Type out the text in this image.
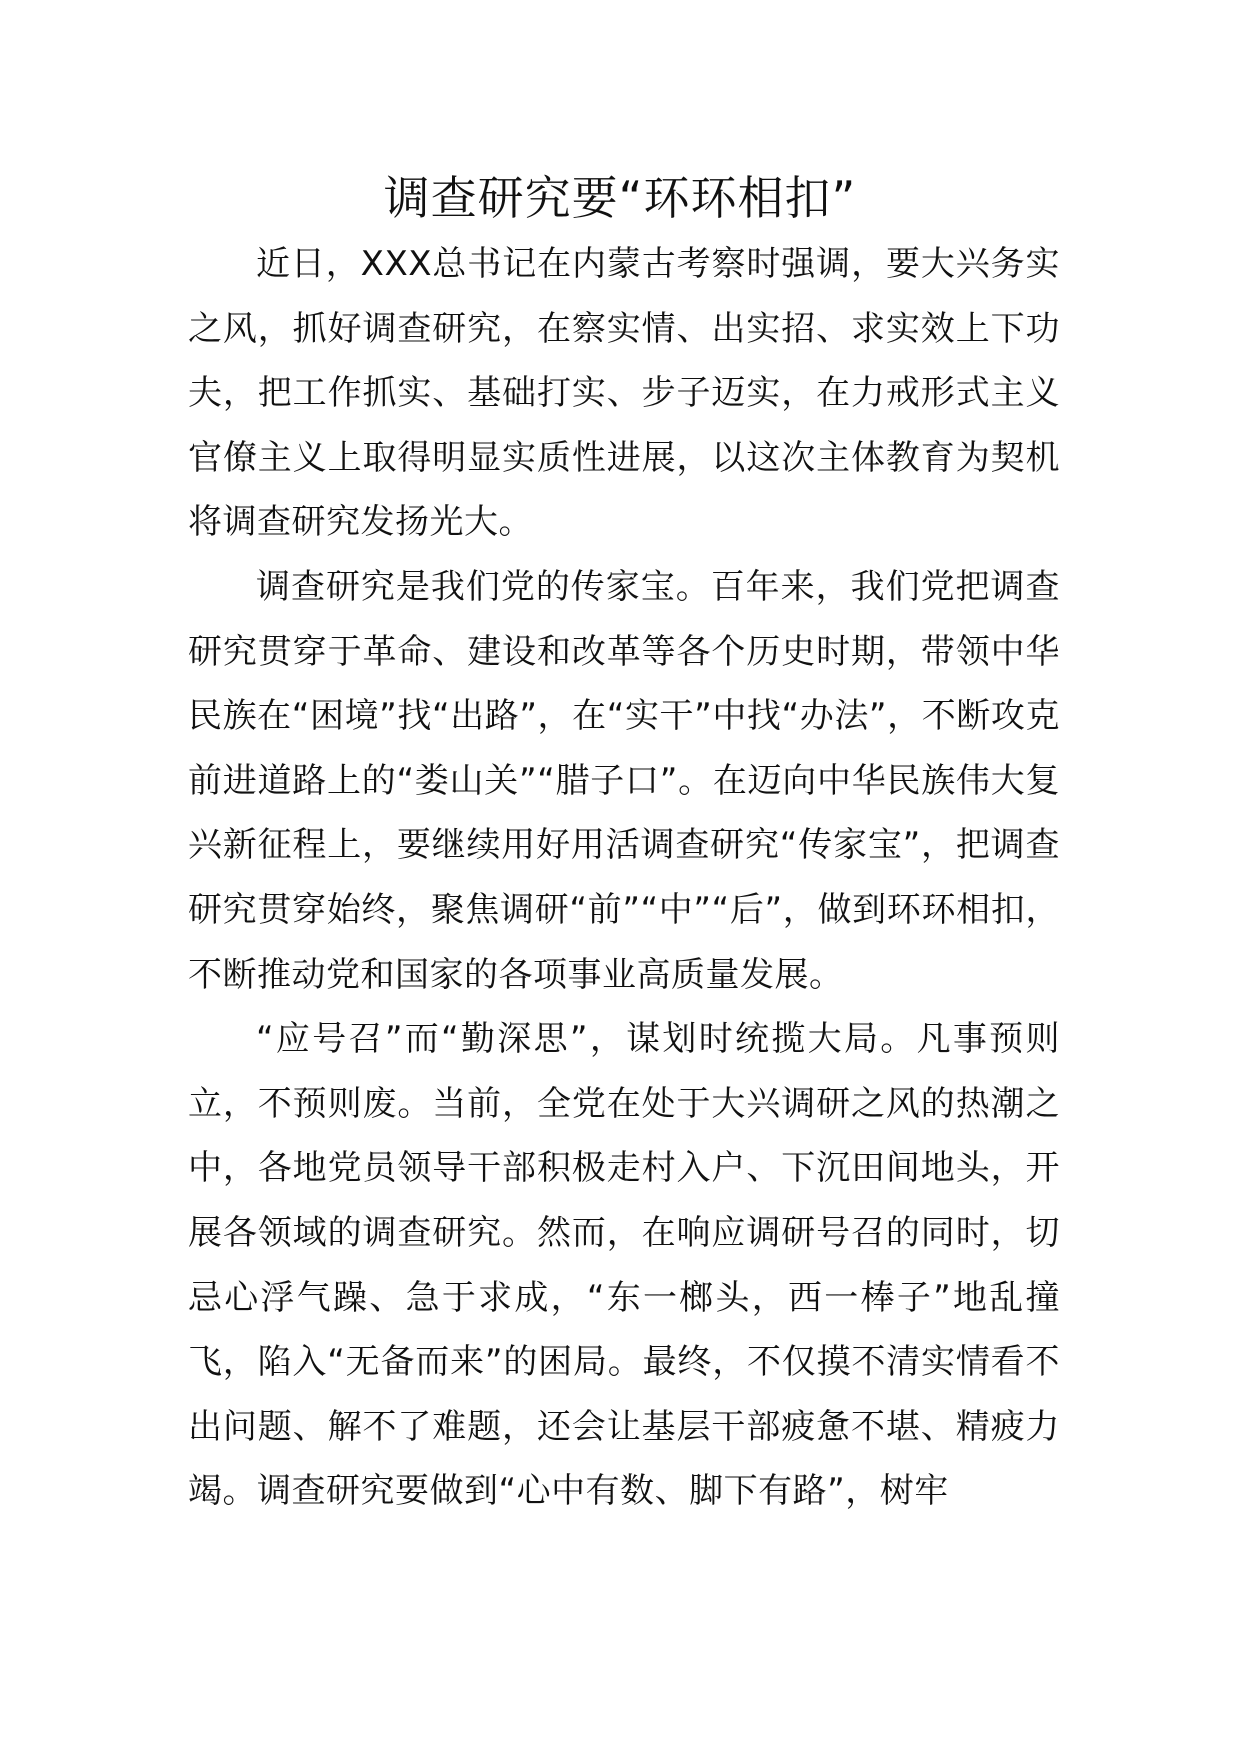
调查研究要“环环相扣”

近日，XXX总书记在内蒙古考察时强调，要大兴务实之风，抓好调查研究，在察实情、出实招、求实效上下功夫，把工作抓实、基础打实、步子迈实，在力戒形式主义官僚主义上取得明显实质性进展，以这次主体教育为契机将调查研究发扬光大。

调查研究是我们党的传家宝。百年来，我们党把调查研究贯穿于革命、建设和改革等各个历史时期，带领中华民族在“困境”找“出路”，在“实干”中找“办法”，不断攻克前进道路上的“娄山关”“腊子口”。在迈向中华民族伟大复兴新征程上，要继续用好用活调查研究“传家宝”，把调查研究贯穿始终，聚焦调研“前”“中”“后”，做到环环相扣，不断推动党和国家的各项事业高质量发展。

“应号召”而“勤深思”，谋划时统揽大局。凡事预则立，不预则废。当前，全党在处于大兴调研之风的热潮之中，各地党员领导干部积极走村入户、下沉田间地头，开展各领域的调查研究。然而，在响应调研号召的同时，切忌心浮气躁、急于求成，“东一榔头，西一棒子”地乱撞飞，陷入“无备而来”的困局。最终，不仅摸不清实情看不出问题、解不了难题，还会让基层干部疲惫不堪、精疲力竭。调查研究要做到“心中有数、脚下有路”，树牢
